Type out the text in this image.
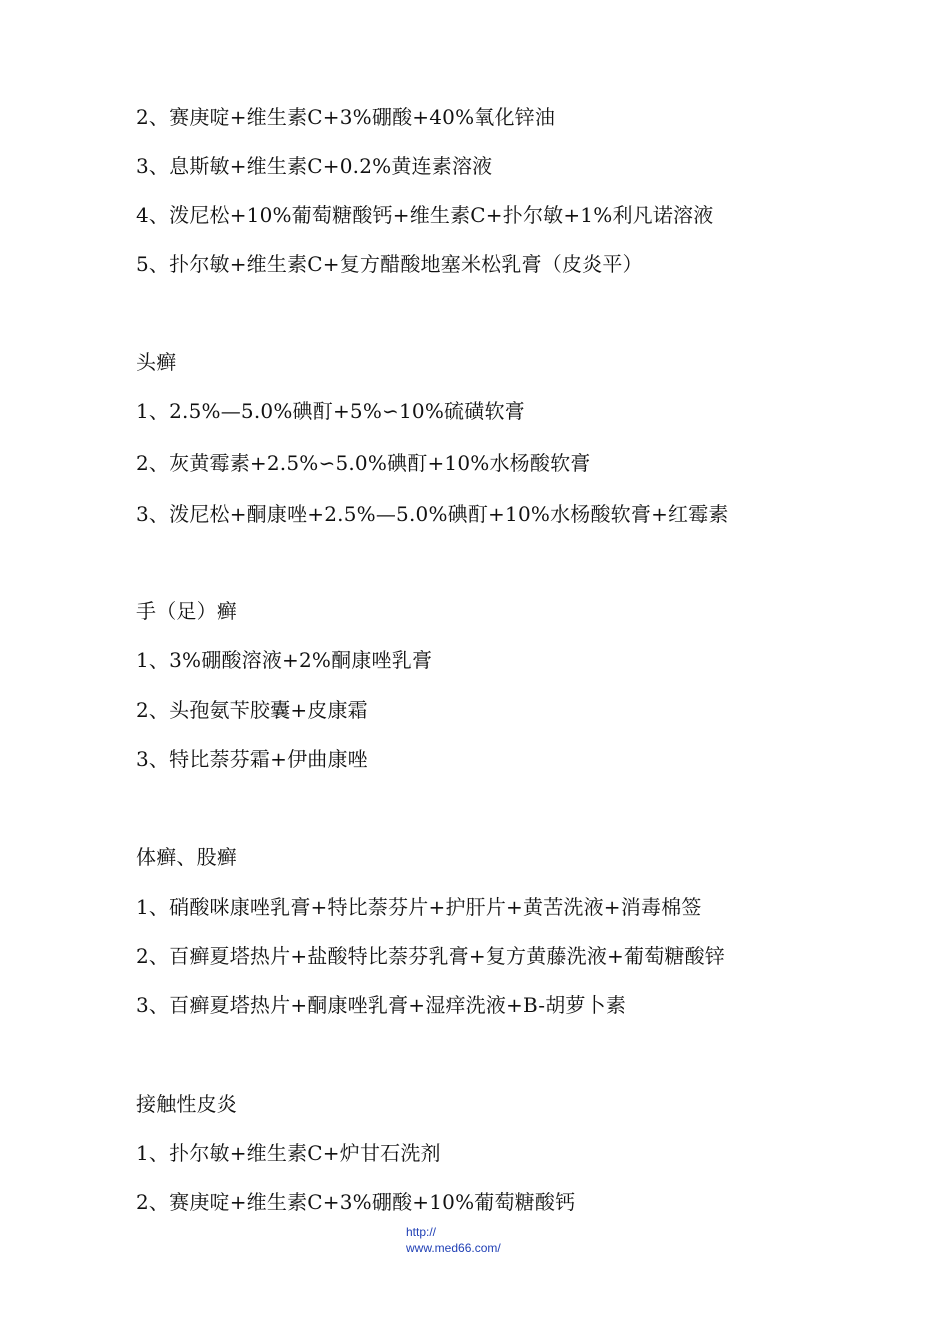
2、赛庚啶+维生素C+3%硼酸+40%氧化锌油
3、息斯敏+维生素C+0.2%黄连素溶液
4、泼尼松+10%葡萄糖酸钙+维生素C+扑尔敏+1%利凡诺溶液
5、扑尔敏+维生素C+复方醋酸地塞米松乳膏（皮炎平）
头癣
1、2.5%—5.0%碘酊+5%∽10%硫磺软膏
2、灰黄霉素+2.5%∽5.0%碘酊+10%水杨酸软膏
3、泼尼松+酮康唑+2.5%—5.0%碘酊+10%水杨酸软膏+红霉素
手（足）癣
1、3%硼酸溶液+2%酮康唑乳膏
2、头孢氨苄胶囊+皮康霜
3、特比萘芬霜+伊曲康唑
体癣、股癣
1、硝酸咪康唑乳膏+特比萘芬片+护肝片+黄苦洗液+消毒棉签
2、百癣夏塔热片+盐酸特比萘芬乳膏+复方黄藤洗液+葡萄糖酸锌
3、百癣夏塔热片+酮康唑乳膏+湿痒洗液+B-胡萝卜素
接触性皮炎
1、扑尔敏+维生素C+炉甘石洗剂
2、赛庚啶+维生素C+3%硼酸+10%葡萄糖酸钙
http://
www.med66.com/
